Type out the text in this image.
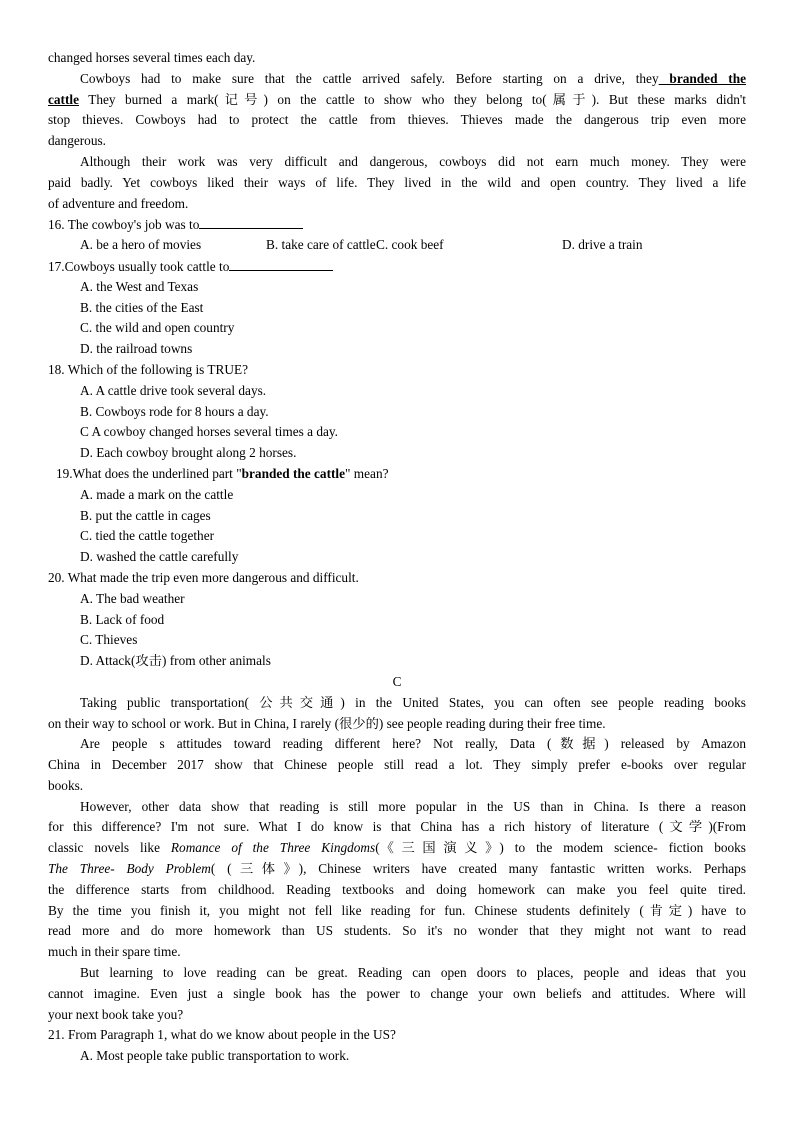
changed horses several times each day.
Cowboys had to make sure that the cattle arrived safely. Before starting on a drive, they branded the
cattle They burned a mark(记号) on the cattle to show who they belong to(属于). But these marks didn't
stop thieves. Cowboys had to protect the cattle from thieves. Thieves made the dangerous trip even more
dangerous.
Although their work was very difficult and dangerous, cowboys did not earn much money. They were
paid badly. Yet cowboys liked their ways of life. They lived in the wild and open country. They lived a life
of adventure and freedom.
16. The cowboy's job was to
A. be a hero of movies	B. take care of cattle C. cook beef	D. drive a train
17.Cowboys usually took cattle to
A. the West and Texas
B. the cities of the East
C. the wild and open country
D. the railroad towns
18. Which of the following is TRUE?
A. A cattle drive took several days.
B. Cowboys rode for 8 hours a day.
C A cowboy changed horses several times a day.
D. Each cowboy brought along 2 horses.
19.What does the underlined part "branded the cattle" mean?
A. made a mark on the cattle
B. put the cattle in cages
C. tied the cattle together
D. washed the cattle carefully
20. What made the trip even more dangerous and difficult.
A. The bad weather
B. Lack of food
C. Thieves
D. Attack(攻击) from other animals
C
Taking public transportation( 公共交通) in the United States, you can often see people reading books
on their way to school or work. But in China, I rarely (很少的) see people reading during their free time.
Are people s attitudes toward reading different here? Not really, Data (数据) released by Amazon
China in December 2017 show that Chinese people still read a lot. They simply prefer e-books over regular
books.
However, other data show that reading is still more popular in the US than in China. Is there a reason
for this difference? I'm not sure. What I do know is that China has a rich history of literature (文学)(From
classic novels like Romance of the Three Kingdoms(《三国演义》) to the modem science- fiction books
The Three- Body Problem( (三体》), Chinese writers have created many fantastic written works. Perhaps
the difference starts from childhood. Reading textbooks and doing homework can make you feel quite tired.
By the time you finish it, you might not fell like reading for fun. Chinese students definitely (肯定) have to
read more and do more homework than US students. So it's no wonder that they might not want to read
much in their spare time.
But learning to love reading can be great. Reading can open doors to places, people and ideas that you
cannot imagine. Even just a single book has the power to change your own beliefs and attitudes. Where will
your next book take you?
21. From Paragraph 1, what do we know about people in the US?
A. Most people take public transportation to work.
